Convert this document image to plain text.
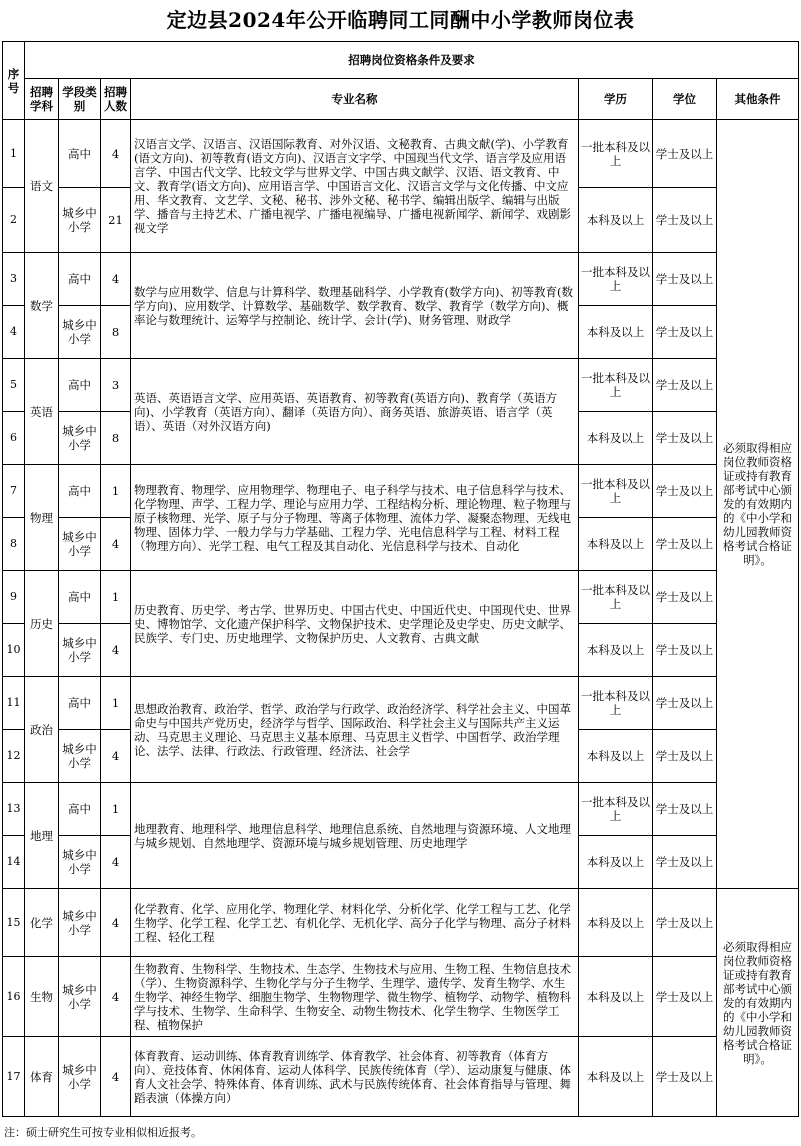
定边县2024年公开临聘同工同酬中小学教师岗位表
序号	招聘岗位资格条件及要求						
	招聘学科	学段类别	招聘人数	专业名称	学历	学位	其他条件
1	语文	高中	4	汉语言文学、汉语言、汉语国际教育、对外汉语、文秘教育、古典文献(学)、小学教育(语文方向)、初等教育(语文方向)、汉语言文字学、中国现当代文学、语言学及应用语言学、中国古代文学、比较文学与世界文学、中国古典文献学、汉语、语文教育、中文、教育学(语文方向)、应用语言学、中国语言文化、汉语言文学与文化传播、中文应用、华文教育、文艺学、文秘、秘书、涉外文秘、秘书学、编辑出版学、编辑与出版学、播音与主持艺术、广播电视学、广播电视编导、广播电视新闻学、新闻学、戏剧影视文学	一批本科及以上	学士及以上	必须取得相应岗位教师资格证或持有教育部考试中心颁发的有效期内的《中小学和幼儿园教师资格考试合格证明》。
2		城乡中小学	21		本科及以上	学士及以上	
3	数学	高中	4	数学与应用数学、信息与计算科学、数理基础科学、小学教育(数学方向)、初等教育(数学方向)、应用数学、计算数学、基础数学、数学教育、数学、教育学（数学方向)、概率论与数理统计、运筹学与控制论、统计学、会计(学)、财务管理、财政学	一批本科及以上	学士及以上	
4		城乡中小学	8		本科及以上	学士及以上	
5	英语	高中	3	英语、英语语言文学、应用英语、英语教育、初等教育(英语方向)、教育学（英语方向)、小学教育（英语方向）、翻译（英语方向）、商务英语、旅游英语、语言学（英语）、英语（对外汉语方向)	一批本科及以上	学士及以上	
6		城乡中小学	8		本科及以上	学士及以上	
7	物理	高中	1	物理教育、物理学、应用物理学、物理电子、电子科学与技术、电子信息科学与技术、化学物理、声学、工程力学、理论与应用力学、工程结构分析、理论物理、粒子物理与原子核物理、光学、原子与分子物理、等离子体物理、流体力学、凝聚态物理、无线电物理、固体力学、一般力学与力学基础、工程力学、光电信息科学与工程、材料工程（物理方向）、光学工程、电气工程及其自动化、光信息科学与技术、自动化	一批本科及以上	学士及以上	
8		城乡中小学	4		本科及以上	学士及以上	
9	历史	高中	1	历史教育、历史学、考古学、世界历史、中国古代史、中国近代史、中国现代史、世界史、博物馆学、文化遗产保护科学、文物保护技术、史学理论及史学史、历史文献学、民族学、专门史、历史地理学、文物保护历史、人文教育、古典文献	一批本科及以上	学士及以上	
10		城乡中小学	4		本科及以上	学士及以上	
11	政治	高中	1	思想政治教育、政治学、哲学、政治学与行政学、政治经济学、科学社会主义、中国革命史与中国共产党历史，经济学与哲学、国际政治、科学社会主义与国际共产主义运动、马克思主义理论、马克思主义基本原理、马克思主义哲学、中国哲学、政治学理论、法学、法律、行政法、行政管理、经济法、社会学	一批本科及以上	学士及以上	
12		城乡中小学	4		本科及以上	学士及以上	
13	地理	高中	1	地理教育、地理科学、地理信息科学、地理信息系统、自然地理与资源环境、人文地理与城乡规划、自然地理学、资源环境与城乡规划管理、历史地理学	一批本科及以上	学士及以上	
14		城乡中小学	4		本科及以上	学士及以上	
15	化学	城乡中小学	4	化学教育、化学、应用化学、物理化学、材料化学、分析化学、化学工程与工艺、化学生物学、化学工程、化学工艺、有机化学、无机化学、高分子化学与物理、高分子材料工程、轻化工程	本科及以上	学士及以上	必须取得相应岗位教师资格证或持有教育部考试中心颁发的有效期内的《中小学和幼儿园教师资格考试合格证明》。
16	生物	城乡中小学	4	生物教育、生物科学、生物技术、生态学、生物技术与应用、生物工程、生物信息技术（学）、生物资源科学、生物化学与分子生物学、生理学、遗传学、发育生物学、水生生物学、神经生物学、细胞生物学、生物物理学、微生物学、植物学、动物学、植物科学与技术、生物学、生命科学、生物安全、动物生物技术、化学生物学、生物医学工程、植物保护	本科及以上	学士及以上	
17	体育	城乡中小学	4	体育教育、运动训练、体育教育训练学、体育教学、社会体育、初等教育（体育方向）、竞技体育、休闲体育、运动人体科学、民族传统体育（学）、运动康复与健康、体育人文社会学、特殊体育、体育训练、武术与民族传统体育、社会体育指导与管理、舞蹈表演（体操方向）	本科及以上	学士及以上	
注：硕士研究生可按专业相似相近报考。
